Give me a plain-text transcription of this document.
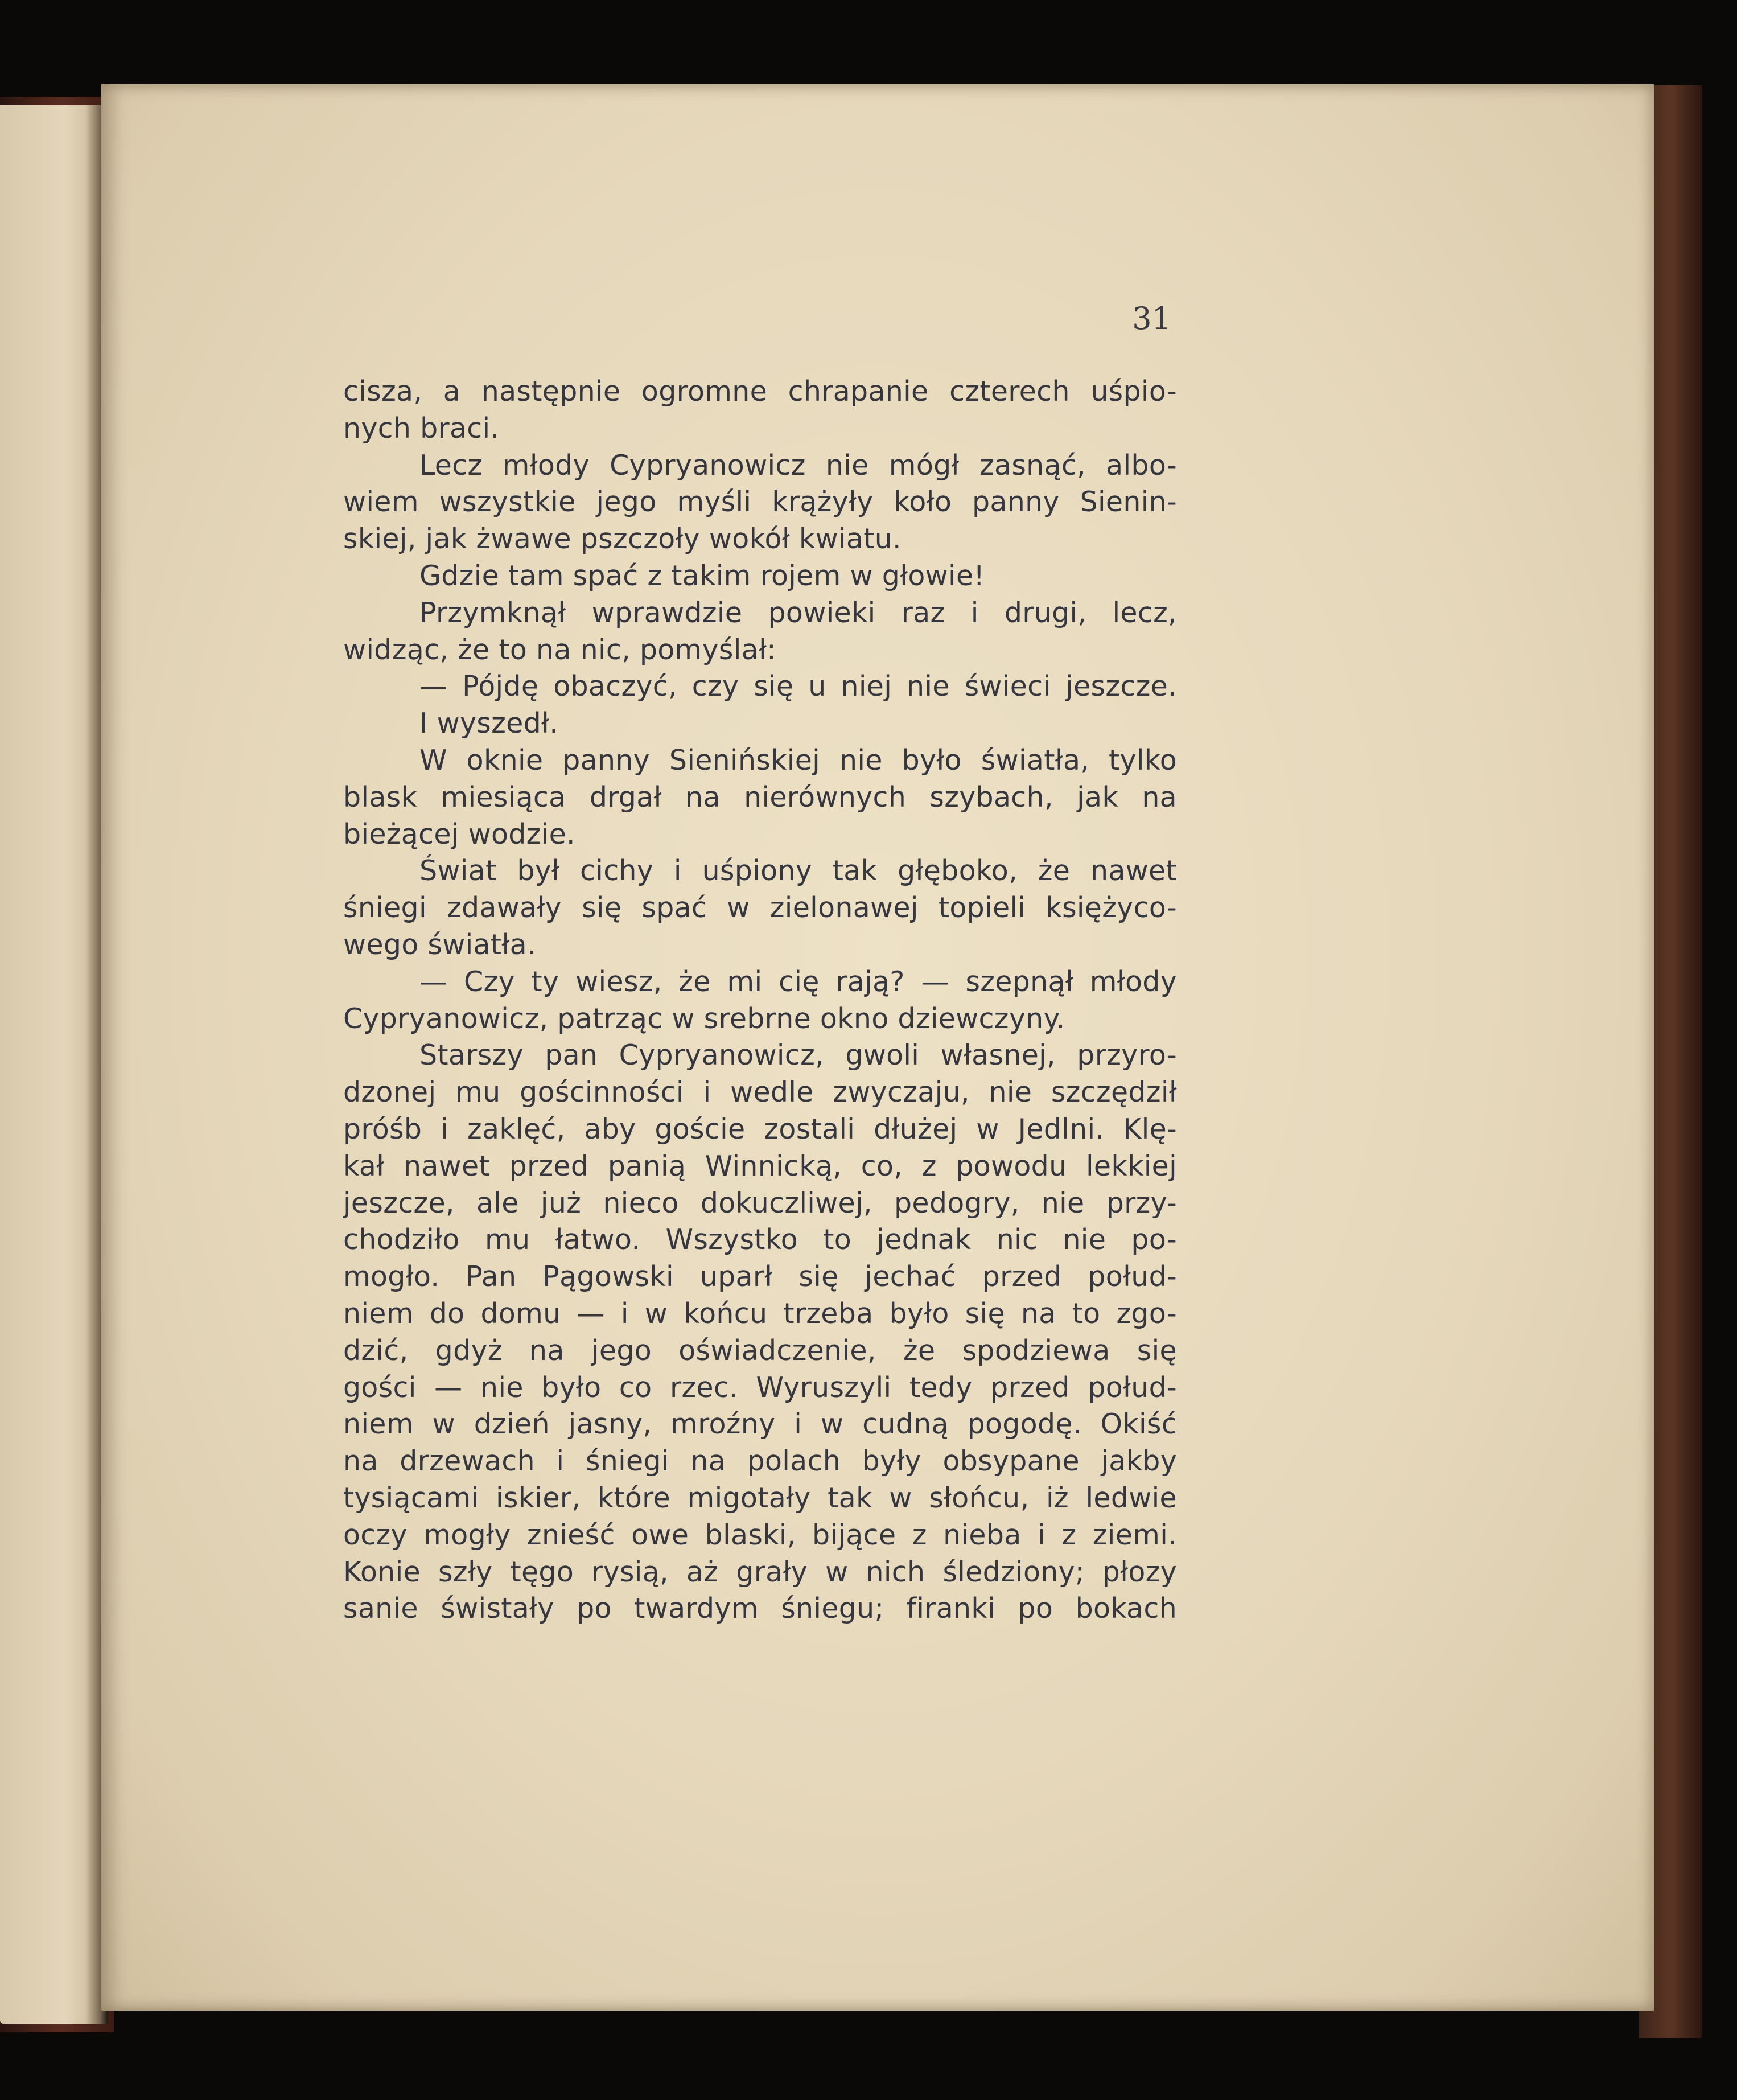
31
cisza, a następnie ogromne chrapanie czterech uśpio-
nych braci.
Lecz młody Cypryanowicz nie mógł zasnąć, albo-
wiem wszystkie jego myśli krążyły koło panny Sienin-
skiej, jak żwawe pszczoły wokół kwiatu.
Gdzie tam spać z takim rojem w głowie!
Przymknął wprawdzie powieki raz i drugi, lecz,
widząc, że to na nic, pomyślał:
— Pójdę obaczyć, czy się u niej nie świeci jeszcze.
I wyszedł.
W oknie panny Sienińskiej nie było światła, tylko
blask miesiąca drgał na nierównych szybach, jak na
bieżącej wodzie.
Świat był cichy i uśpiony tak głęboko, że nawet
śniegi zdawały się spać w zielonawej topieli księżyco-
wego światła.
— Czy ty wiesz, że mi cię rają? — szepnął młody
Cypryanowicz, patrząc w srebrne okno dziewczyny.
Starszy pan Cypryanowicz, gwoli własnej, przyro-
dzonej mu gościnności i wedle zwyczaju, nie szczędził
próśb i zaklęć, aby goście zostali dłużej w Jedlni. Klę-
kał nawet przed panią Winnicką, co, z powodu lekkiej
jeszcze, ale już nieco dokuczliwej, pedogry, nie przy-
chodziło mu łatwo. Wszystko to jednak nic nie po-
mogło. Pan Pągowski uparł się jechać przed połud-
niem do domu — i w końcu trzeba było się na to zgo-
dzić, gdyż na jego oświadczenie, że spodziewa się
gości — nie było co rzec. Wyruszyli tedy przed połud-
niem w dzień jasny, mroźny i w cudną pogodę. Okiść
na drzewach i śniegi na polach były obsypane jakby
tysiącami iskier, które migotały tak w słońcu, iż ledwie
oczy mogły znieść owe blaski, bijące z nieba i z ziemi.
Konie szły tęgo rysią, aż grały w nich śledziony; płozy
sanie świstały po twardym śniegu; firanki po bokach
